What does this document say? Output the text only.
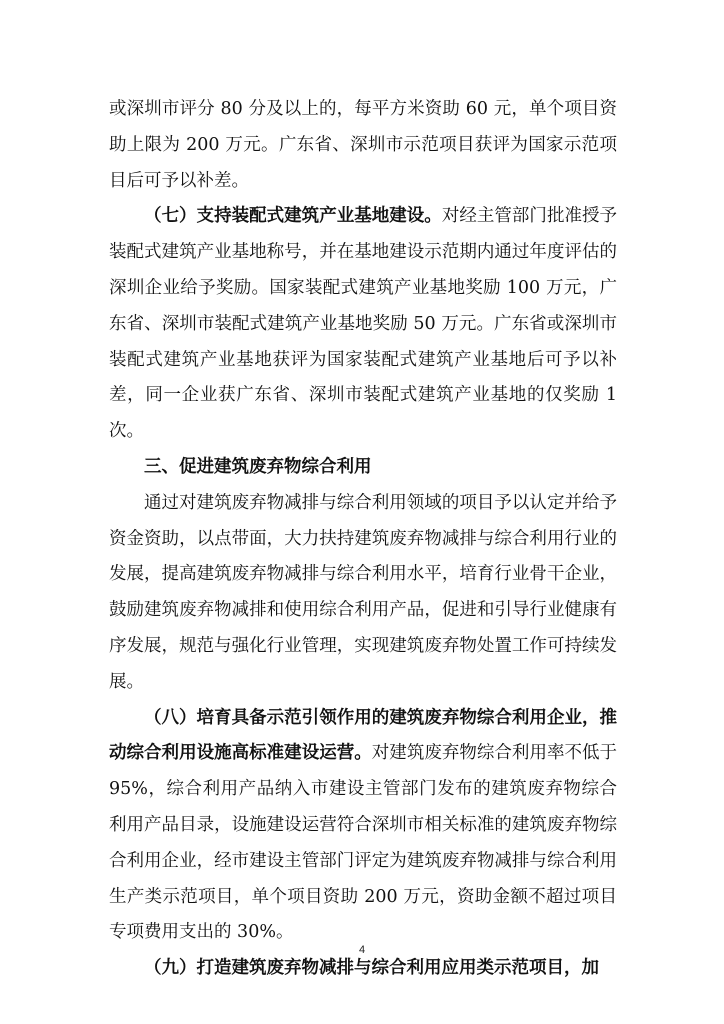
或深圳市评分 80 分及以上的，每平方米资助 60 元，单个项目资助上限为 200 万元。广东省、深圳市示范项目获评为国家示范项目后可予以补差。

（七）支持装配式建筑产业基地建设。对经主管部门批准授予装配式建筑产业基地称号，并在基地建设示范期内通过年度评估的深圳企业给予奖励。国家装配式建筑产业基地奖励 100 万元，广东省、深圳市装配式建筑产业基地奖励 50 万元。广东省或深圳市装配式建筑产业基地获评为国家装配式建筑产业基地后可予以补差，同一企业获广东省、深圳市装配式建筑产业基地的仅奖励 1 次。

三、促进建筑废弃物综合利用

通过对建筑废弃物减排与综合利用领域的项目予以认定并给予资金资助，以点带面，大力扶持建筑废弃物减排与综合利用行业的发展，提高建筑废弃物减排与综合利用水平，培育行业骨干企业，鼓励建筑废弃物减排和使用综合利用产品，促进和引导行业健康有序发展，规范与强化行业管理，实现建筑废弃物处置工作可持续发展。

（八）培育具备示范引领作用的建筑废弃物综合利用企业，推动综合利用设施高标准建设运营。对建筑废弃物综合利用率不低于 95%，综合利用产品纳入市建设主管部门发布的建筑废弃物综合利用产品目录，设施建设运营符合深圳市相关标准的建筑废弃物综合利用企业，经市建设主管部门评定为建筑废弃物减排与综合利用生产类示范项目，单个项目资助 200 万元，资助金额不超过项目专项费用支出的 30%。

（九）打造建筑废弃物减排与综合利用应用类示范项目，加

4
